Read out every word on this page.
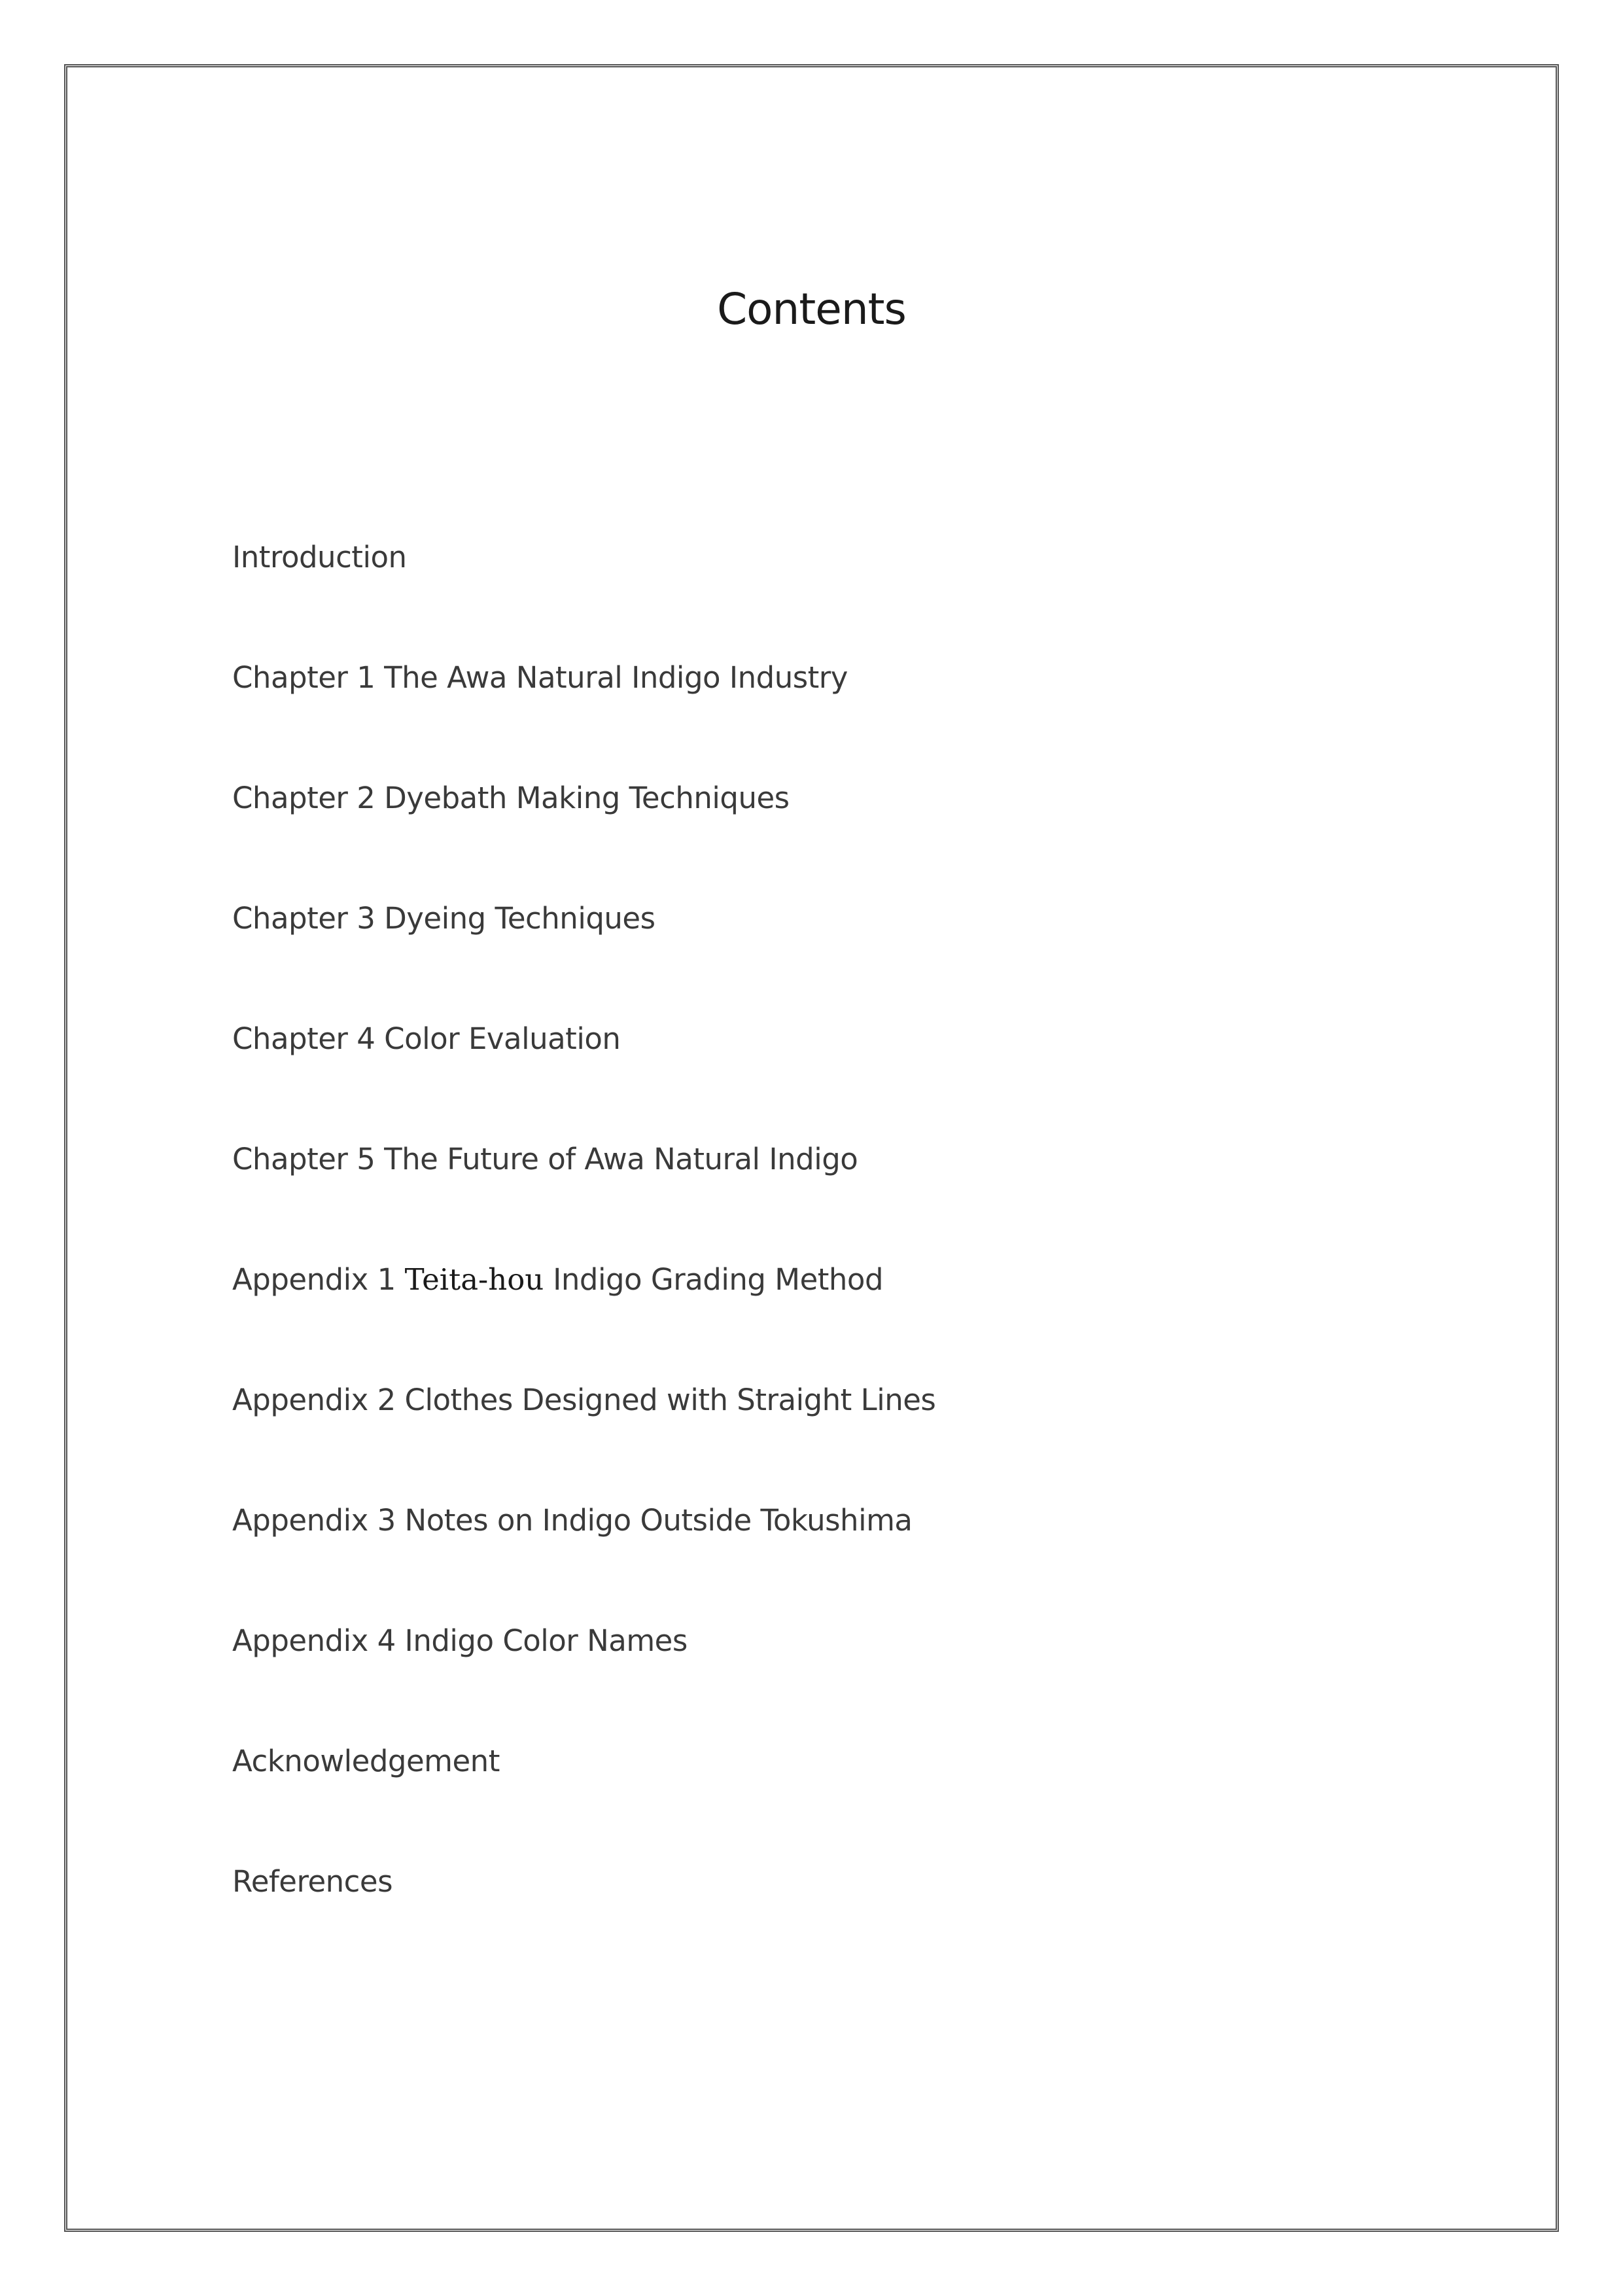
Contents
Introduction
Chapter 1 The Awa Natural Indigo Industry
Chapter 2 Dyebath Making Techniques
Chapter 3 Dyeing Techniques
Chapter 4 Color Evaluation
Chapter 5 The Future of Awa Natural Indigo
Appendix 1 Teita-hou Indigo Grading Method
Appendix 2 Clothes Designed with Straight Lines
Appendix 3 Notes on Indigo Outside Tokushima
Appendix 4 Indigo Color Names
Acknowledgement
References
